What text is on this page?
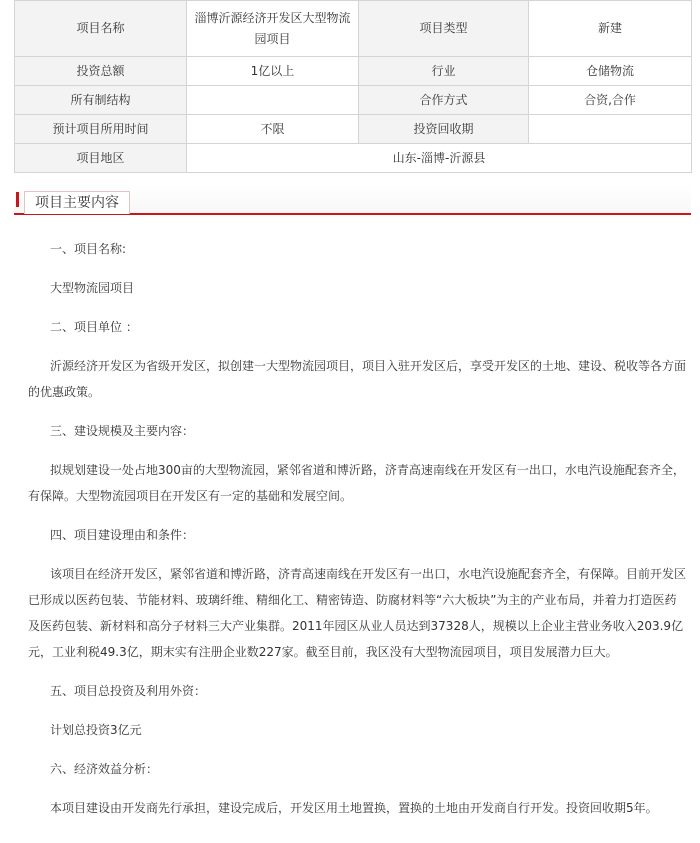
项目名称	淄博沂源经济开发区大型物流园项目	项目类型	新建
投资总额	1亿以上	行业	仓储物流
所有制结构		合作方式	合资,合作
预计项目所用时间	不限	投资回收期	
项目地区	山东-淄博-沂源县		
项目主要内容

一、项目名称:

大型物流园项目

二、项目单位 ：

沂源经济开发区为省级开发区，拟创建一大型物流园项目，项目入驻开发区后，享受开发区的土地、建设、税收等各方面的优惠政策。

三、建设规模及主要内容：

拟规划建设一处占地300亩的大型物流园，紧邻省道和博沂路，济青高速南线在开发区有一出口，水电汽设施配套齐全，有保障。大型物流园项目在开发区有一定的基础和发展空间。

四、项目建设理由和条件：

该项目在经济开发区，紧邻省道和博沂路，济青高速南线在开发区有一出口，水电汽设施配套齐全，有保障。目前开发区已形成以医药包装、节能材料、玻璃纤维、精细化工、精密铸造、防腐材料等“六大板块”为主的产业布局，并着力打造医药及医药包装、新材料和高分子材料三大产业集群。2011年园区从业人员达到37328人，规模以上企业主营业务收入203.9亿元，工业利税49.3亿，期末实有注册企业数227家。截至目前，我区没有大型物流园项目，项目发展潜力巨大。

五、项目总投资及利用外资：

计划总投资3亿元

六、经济效益分析：

本项目建设由开发商先行承担，建设完成后，开发区用土地置换，置换的土地由开发商自行开发。投资回收期5年。
